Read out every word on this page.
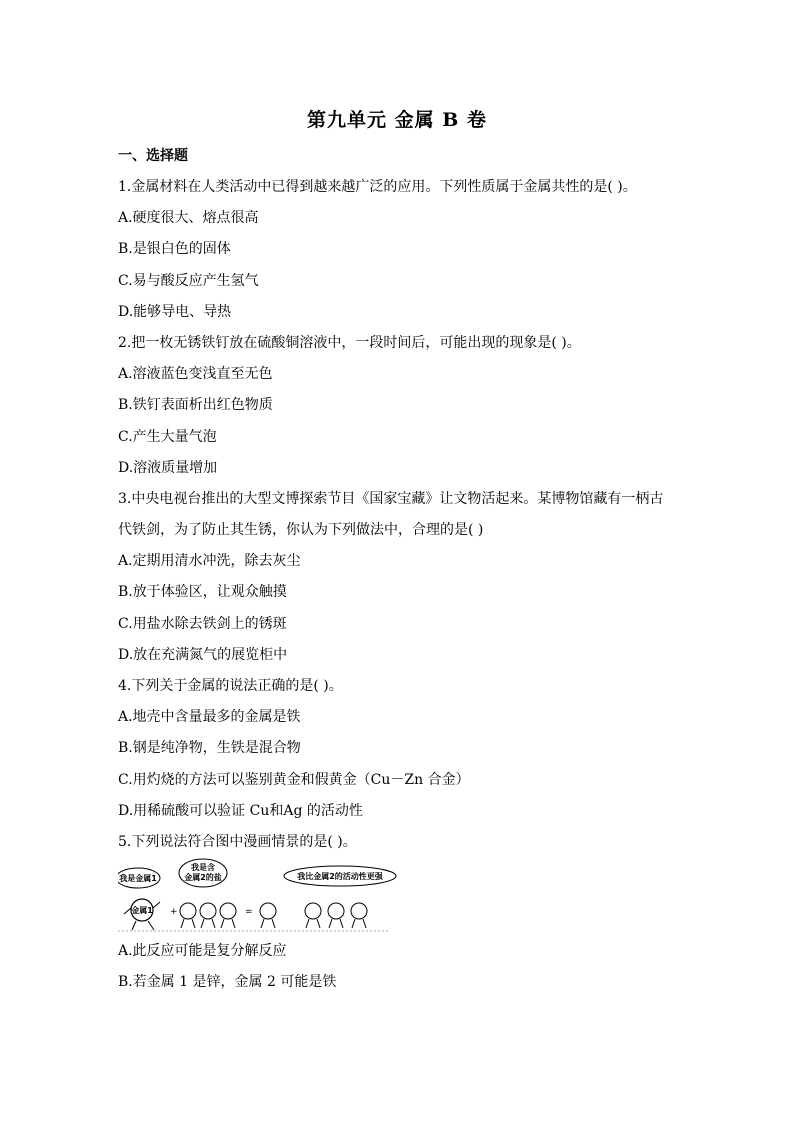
第九单元 金属 B 卷
一、选择题
1.金属材料在人类活动中已得到越来越广泛的应用。下列性质属于金属共性的是( )。
A.硬度很大、熔点很高
B.是银白色的固体
C.易与酸反应产生氢气
D.能够导电、导热
2.把一枚无锈铁钉放在硫酸铜溶液中，一段时间后，可能出现的现象是( )。
A.溶液蓝色变浅直至无色
B.铁钉表面析出红色物质
C.产生大量气泡
D.溶液质量增加
3.中央电视台推出的大型文博探索节目《国家宝藏》让文物活起来。某博物馆藏有一柄古
代铁剑，为了防止其生锈，你认为下列做法中，合理的是( )
A.定期用清水冲洗，除去灰尘
B.放于体验区，让观众触摸
C.用盐水除去铁剑上的锈斑
D.放在充满氮气的展览柜中
4.下列关于金属的说法正确的是( )。
A.地壳中含量最多的金属是铁
B.钢是纯净物，生铁是混合物
C.用灼烧的方法可以鉴别黄金和假黄金（Cu－Zn 合金）
D.用稀硫酸可以验证 Cu和Ag 的活动性
5.下列说法符合图中漫画情景的是( )。
我是金属1
我是含
金属2的盐	我比金属2的活动性更强
金属1 +	=
A.此反应可能是复分解反应
B.若金属 1 是锌，金属 2 可能是铁
